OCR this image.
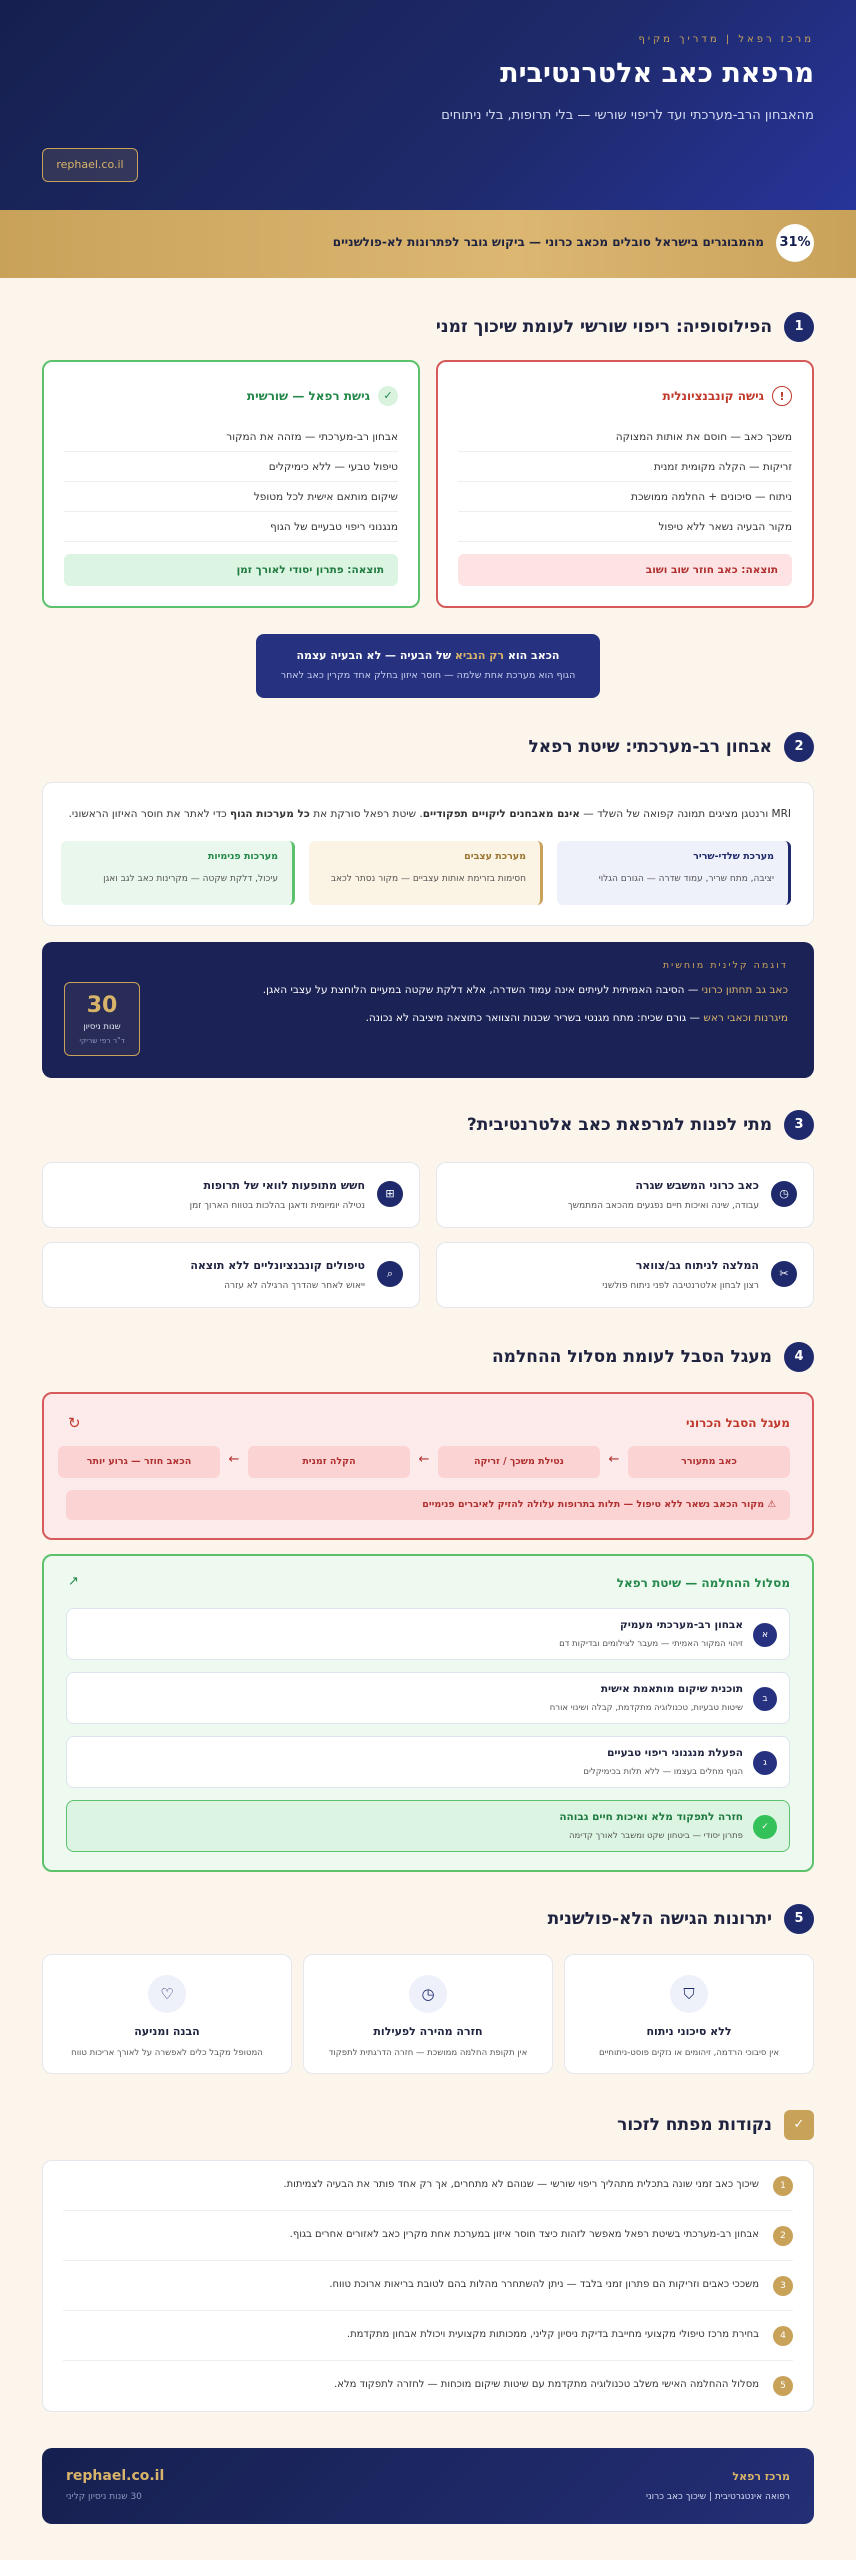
מרכז רפאל | מדריך מקיף
מרפאת כאב אלטרנטיבית
מהאבחון הרב-מערכתי ועד לריפוי שורשי — בלי תרופות, בלי ניתוחים
rephael.co.il
31%
מהמבוגרים בישראל סובלים מכאב כרוני — ביקוש גובר לפתרונות לא-פולשניים
1
הפילוסופיה: ריפוי שורשי לעומת שיכוך זמני
!
גישה קונבנציונלית
משכך כאב — חוסם את אותות המצוקה
זריקות — הקלה מקומית זמנית
ניתוח — סיכונים + החלמה ממושכת
מקור הבעיה נשאר ללא טיפול
תוצאה: כאב חוזר שוב ושוב
✓
גישת רפאל — שורשית
אבחון רב-מערכתי — מזהה את המקור
טיפול טבעי — ללא כימיקלים
שיקום מותאם אישית לכל מטופל
מנגנוני ריפוי טבעיים של הגוף
תוצאה: פתרון יסודי לאורך זמן
הכאב הוא רק הנביא של הבעיה — לא הבעיה עצמה
הגוף הוא מערכת אחת שלמה — חוסר איזון בחלק אחד מקרין כאב לאחר
2
אבחון רב-מערכתי: שיטת רפאל
MRI ורנטגן מציגים תמונה קפואה של השלד — אינם מאבחנים ליקויים תפקודיים. שיטת רפאל סורקת את כל מערכות הגוף כדי לאתר את חוסר האיזון הראשוני.
מערכת שלדי-שריר
יציבה, מתח שריר, עמוד שדרה — הגורם הגלוי
מערכת עצבים
חסימות בזרימת אותות עצביים — מקור נסתר לכאב
מערכות פנימיות
עיכול, דלקת שקטה — מקרינות כאב לגב ואגן
דוגמה קלינית מוחשית
כאב גב תחתון כרוני — הסיבה האמיתית לעיתים אינה עמוד השדרה, אלא דלקת שקטה במעיים הלוחצת על עצבי האגן.
מיגרנות וכאבי ראש — גורם שכיח: מתח מגנטי בשריר שכנות והצוואר כתוצאה מיציבה לא נכונה.
30
שנות ניסיון
ד"ר רפי שריקי
3
מתי לפנות למרפאת כאב אלטרנטיבית?
◷
כאב כרוני המשבש שגרה
עבודה, שינה ואיכות חיים נפגעים מהכאב המתמשך
⊞
חשש מתופעות לוואי של תרופות
נטילה יומיומית ודאגן בהלכות בטווח הארוך זמן
✂
המלצה לניתוח גב/צוואר
רצון לבחון אלטרנטיבה לפני ניתוח פולשני
⌕
טיפולים קונבנציונליים ללא תוצאה
ייאוש לאחר שהדרך הרגילה לא עזרה
4
מעגל הסבל לעומת מסלול ההחלמה
מעגל הסבל הכרוני
↻
כאב מתעורר
←
נטילת משכך / זריקה
←
הקלה זמנית
←
הכאב חוזר — גרוע יותר
⚠ מקור הכאב נשאר ללא טיפול — תלות בתרופות עלולה להזיק לאיברים פנימיים
מסלול ההחלמה — שיטת רפאל
↗
א
אבחון רב-מערכתי מעמיק
זיהוי המקור האמיתי — מעבר לצילומים ובדיקות דם
ב
תוכנית שיקום מותאמת אישית
שיטות טבעיות, טכנולוגיה מתקדמת, קבלה ושינוי אורח
ג
הפעלת מנגנוני ריפוי טבעיים
הגוף מחלים בעצמו — ללא תלות בכימיקלים
✓
חזרה לתפקוד מלא ואיכות חיים גבוהה
פתרון יסודי — ביטחון שקט ומשבר לאורך קדימה
5
יתרונות הגישה הלא-פולשנית
⛉
ללא סיכוני ניתוח
אין סיבוכי הרדמה, זיהומים או נזקים פוסט-ניתוחיים
◷
חזרה מהירה לפעילות
אין תקופת החלמה ממושכת — חזרה הדרגתית לתפקוד
♡
הבנה ומניעה
המטופל מקבל כלים לאפשרה על לאורך אריכות טווח
✓
נקודות מפתח לזכור
1
שיכוך כאב זמני שונה בתכלית מתהליך ריפוי שורשי — שנוהם לא מתחרים, אך רק אחד פותר את הבעיה לצמיתות.
2
אבחון רב-מערכתי בשיטת רפאל מאפשר לזהות כיצד חוסר איזון במערכת אחת מקרין כאב לאזורים אחרים בגוף.
3
משככי כאבים וזריקות הם פתרון זמני בלבד — ניתן להשתחרר מהלות בהם לטובת בריאות ארוכת טווח.
4
בחירת מרכז טיפולי מקצועי מחייבת בדיקת ניסיון קליני, ממכותות מקצועית ויכולת אבחון מתקדמת.
5
מסלול ההחלמה האישי משלב טכנולוגיה מתקדמת עם שיטות שיקום מוכחות — לחזרה לתפקוד מלא.
מרכז רפאל
רפואה אינטגרטיבית | שיכוך כאב כרוני
rephael.co.il
30 שנות ניסיון קליני
